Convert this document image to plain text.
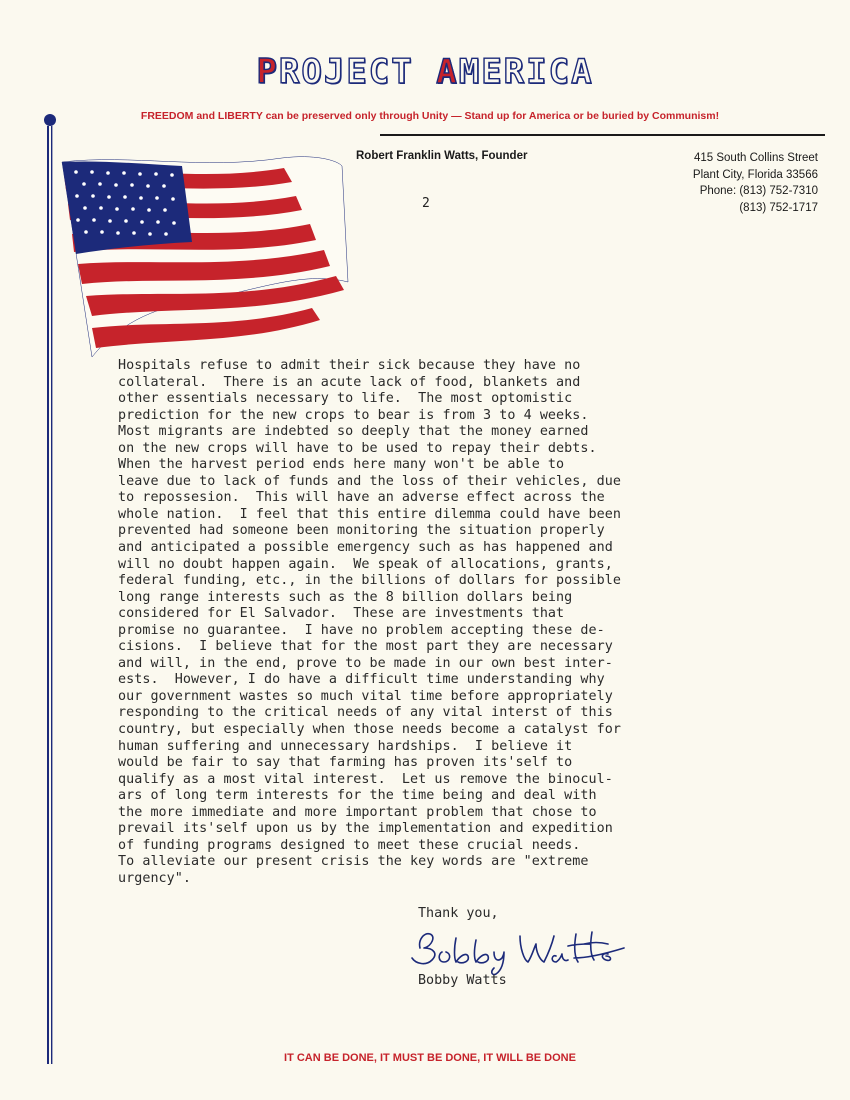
PROJECT AMERICA
FREEDOM and LIBERTY can be preserved only through Unity — Stand up for America or be buried by Communism!
Robert Franklin Watts, Founder	415 South Collins Street
Plant City, Florida 33566
Phone: (813) 752-7310
(813) 752-1717
2
Hospitals refuse to admit their sick because they have no
collateral.  There is an acute lack of food, blankets and
other essentials necessary to life.  The most optomistic
prediction for the new crops to bear is from 3 to 4 weeks.
Most migrants are indebted so deeply that the money earned
on the new crops will have to be used to repay their debts.
When the harvest period ends here many won't be able to
leave due to lack of funds and the loss of their vehicles, due
to repossesion.  This will have an adverse effect across the
whole nation.  I feel that this entire dilemma could have been
prevented had someone been monitoring the situation properly
and anticipated a possible emergency such as has happened and
will no doubt happen again.  We speak of allocations, grants,
federal funding, etc., in the billions of dollars for possible
long range interests such as the 8 billion dollars being
considered for El Salvador.  These are investments that
promise no guarantee.  I have no problem accepting these de-
cisions.  I believe that for the most part they are necessary
and will, in the end, prove to be made in our own best inter-
ests.  However, I do have a difficult time understanding why
our government wastes so much vital time before appropriately
responding to the critical needs of any vital interst of this
country, but especially when those needs become a catalyst for
human suffering and unnecessary hardships.  I believe it
would be fair to say that farming has proven its'self to
qualify as a most vital interest.  Let us remove the binocul-
ars of long term interests for the time being and deal with
the more immediate and more important problem that chose to
prevail its'self upon us by the implementation and expedition
of funding programs designed to meet these crucial needs.
To alleviate our present crisis the key words are "extreme
urgency".
Thank you,
Bobby Watts
IT CAN BE DONE, IT MUST BE DONE, IT WILL BE DONE
